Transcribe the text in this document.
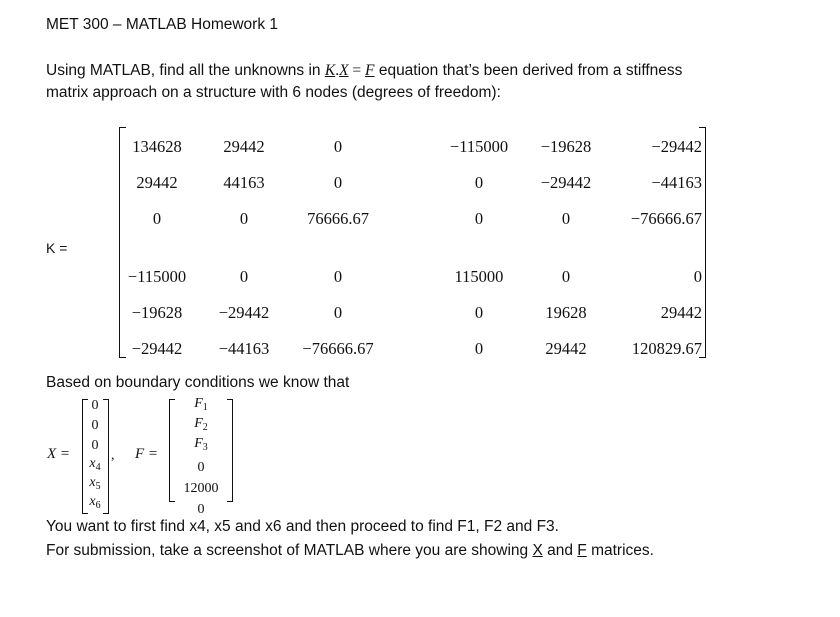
MET 300 – MATLAB Homework 1
Using MATLAB, find all the unknowns in K.X = F equation that’s been derived from a stiffness
matrix approach on a structure with 6 nodes (degrees of freedom):
K =
134628	29442	0	−115000	−19628	−29442
29442	44163	0	0	−29442	−44163
0	0	76666.67	0	0	−76666.67
−115000	0	0	115000	0	0
−19628	−29442	0	0	19628	29442
−29442	−44163	−76666.67	0	29442	120829.67
Based on boundary conditions we know that
X =
0
0
0
$x_4$
$x_5$
$x_6$
, F =
$F_1$
$F_2$
$F_3$
0
12000
0
You want to first find x4, x5 and x6 and then proceed to find F1, F2 and F3.
For submission, take a screenshot of MATLAB where you are showing X and F matrices.
